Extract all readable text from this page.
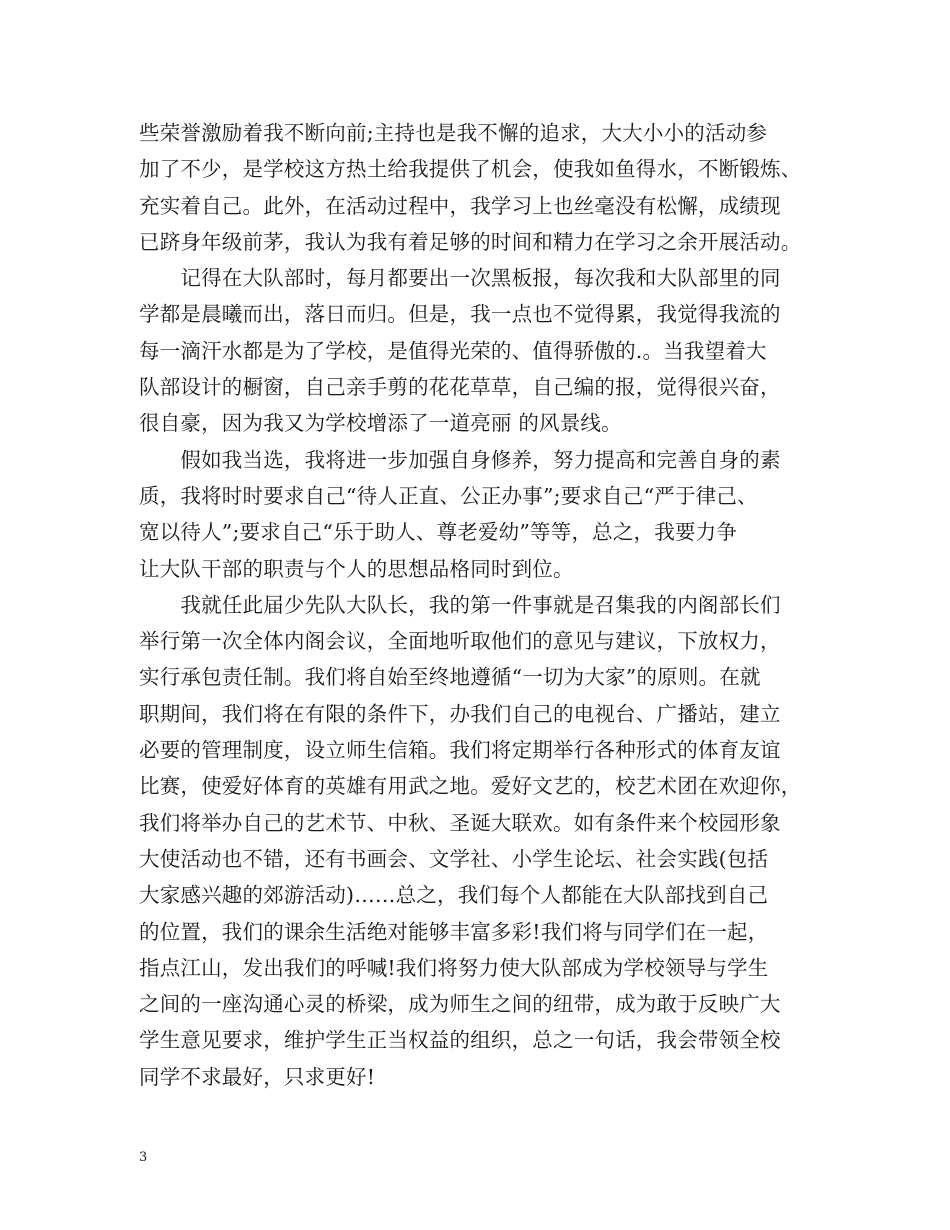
些荣誉激励着我不断向前;主持也是我不懈的追求，大大小小的活动参
加了不少，是学校这方热土给我提供了机会，使我如鱼得水，不断锻炼、
充实着自己。此外，在活动过程中，我学习上也丝毫没有松懈，成绩现
已跻身年级前茅，我认为我有着足够的时间和精力在学习之余开展活动。
　　记得在大队部时，每月都要出一次黑板报，每次我和大队部里的同
学都是晨曦而出，落日而归。但是，我一点也不觉得累，我觉得我流的
每一滴汗水都是为了学校，是值得光荣的、值得骄傲的.。当我望着大
队部设计的橱窗，自己亲手剪的花花草草，自己编的报，觉得很兴奋，
很自豪，因为我又为学校增添了一道亮丽 的风景线。
　　假如我当选，我将进一步加强自身修养，努力提高和完善自身的素
质，我将时时要求自己“待人正直、公正办事”;要求自己“严于律己、
宽以待人”;要求自己“乐于助人、尊老爱幼”等等，总之，我要力争
让大队干部的职责与个人的思想品格同时到位。
　　我就任此届少先队大队长，我的第一件事就是召集我的内阁部长们
举行第一次全体内阁会议，全面地听取他们的意见与建议，下放权力，
实行承包责任制。我们将自始至终地遵循“一切为大家”的原则。在就
职期间，我们将在有限的条件下，办我们自己的电视台、广播站，建立
必要的管理制度，设立师生信箱。我们将定期举行各种形式的体育友谊
比赛，使爱好体育的英雄有用武之地。爱好文艺的，校艺术团在欢迎你，
我们将举办自己的艺术节、中秋、圣诞大联欢。如有条件来个校园形象
大使活动也不错，还有书画会、文学社、小学生论坛、社会实践(包括
大家感兴趣的郊游活动)……总之，我们每个人都能在大队部找到自己
的位置，我们的课余生活绝对能够丰富多彩!我们将与同学们在一起，
指点江山，发出我们的呼喊!我们将努力使大队部成为学校领导与学生
之间的一座沟通心灵的桥梁，成为师生之间的纽带，成为敢于反映广大
学生意见要求，维护学生正当权益的组织，总之一句话，我会带领全校
同学不求最好，只求更好!
3
